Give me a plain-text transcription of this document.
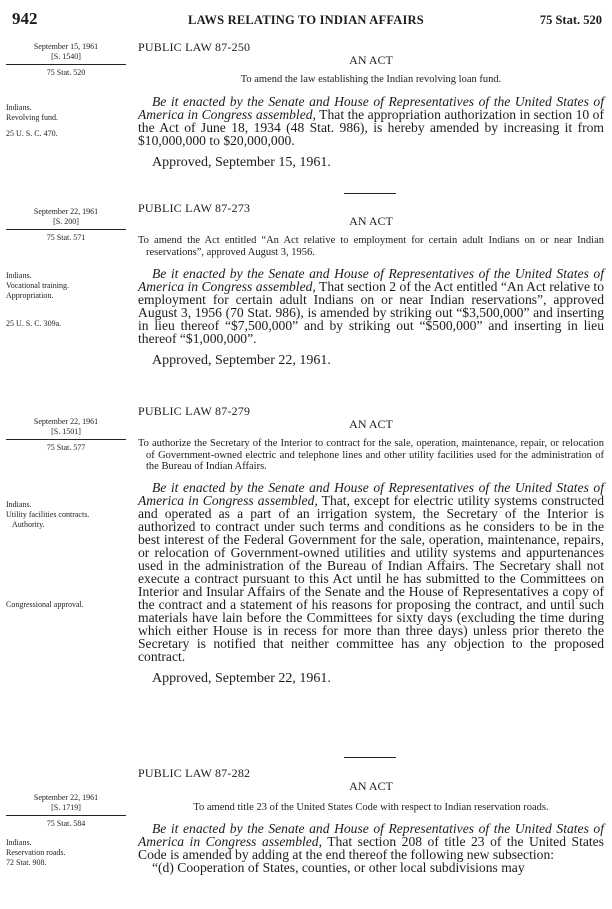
942	LAWS RELATING TO INDIAN AFFAIRS	75 Stat. 520
September 15, 1961
[S. 1540]
75 Stat. 520
Indians.
Revolving fund.
25 U. S. C. 470.
PUBLIC LAW 87-250
AN ACT
To amend the law establishing the Indian revolving loan fund.
Be it enacted by the Senate and House of Representatives of the United States of America in Congress assembled, That the appropriation authorization in section 10 of the Act of June 18, 1934 (48 Stat. 986), is hereby amended by increasing it from $10,000,000 to $20,000,000.
Approved, September 15, 1961.
September 22, 1961
[S. 200]
75 Stat. 571
Indians.
Vocational training.
Appropriation.
25 U. S. C. 309a.
PUBLIC LAW 87-273
AN ACT
To amend the Act entitled “An Act relative to employment for certain adult Indians on or near Indian reservations”, approved August 3, 1956.
Be it enacted by the Senate and House of Representatives of the United States of America in Congress assembled, That section 2 of the Act entitled “An Act relative to employment for certain adult Indians on or near Indian reservations”, approved August 3, 1956 (70 Stat. 986), is amended by striking out “$3,500,000” and inserting in lieu thereof “$7,500,000” and by striking out “$500,000” and inserting in lieu thereof “$1,000,000”.
Approved, September 22, 1961.
September 22, 1961
[S. 1501]
75 Stat. 577
Indians.
Utility facilities contracts.
Authority.
Congressional approval.
PUBLIC LAW 87-279
AN ACT
To authorize the Secretary of the Interior to contract for the sale, operation, maintenance, repair, or relocation of Government-owned electric and telephone lines and other utility facilities used for the administration of the Bureau of Indian Affairs.
Be it enacted by the Senate and House of Representatives of the United States of America in Congress assembled, That, except for electric utility systems constructed and operated as a part of an irrigation system, the Secretary of the Interior is authorized to contract under such terms and conditions as he considers to be in the best interest of the Federal Government for the sale, operation, maintenance, repairs, or relocation of Government-owned utilities and utility systems and appurtenances used in the administration of the Bureau of Indian Affairs. The Secretary shall not execute a contract pursuant to this Act until he has submitted to the Committees on Interior and Insular Affairs of the Senate and the House of Representatives a copy of the contract and a statement of his reasons for proposing the contract, and until such materials have lain before the Committees for sixty days (excluding the time during which either House is in recess for more than three days) unless prior thereto the Secretary is notified that neither committee has any objection to the proposed contract.
Approved, September 22, 1961.
September 22, 1961
[S. 1719]
75 Stat. 584
Indians.
Reservation roads.
72 Stat. 908.
PUBLIC LAW 87-282
AN ACT
To amend title 23 of the United States Code with respect to Indian reservation roads.
Be it enacted by the Senate and House of Representatives of the United States of America in Congress assembled, That section 208 of title 23 of the United States Code is amended by adding at the end thereof the following new subsection:
“(d) Cooperation of States, counties, or other local subdivisions may
